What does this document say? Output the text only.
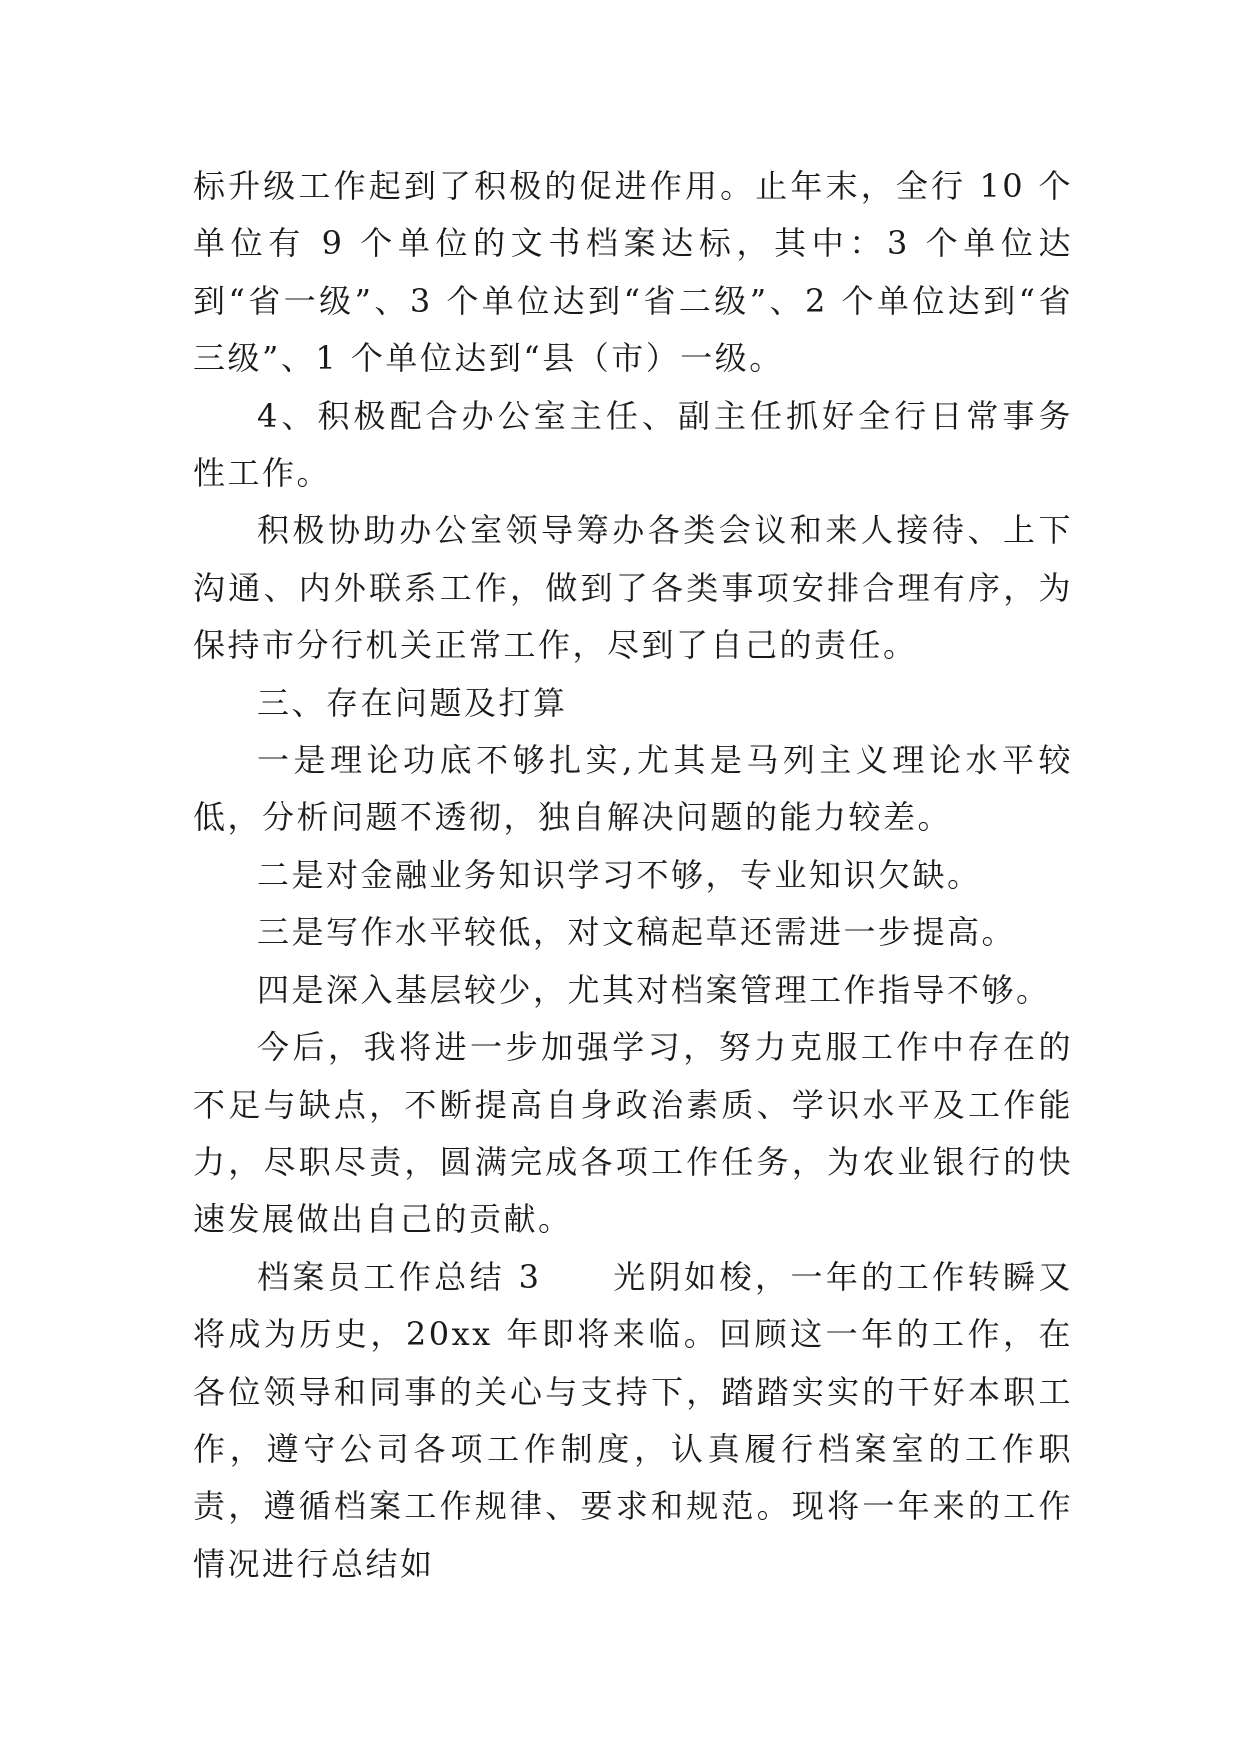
标升级工作起到了积极的促进作用。止年末，全行 10 个单位有 9 个单位的文书档案达标，其中：3 个单位达到“省一级”、3 个单位达到“省二级”、2 个单位达到“省三级”、1 个单位达到“县（市）一级。

4、积极配合办公室主任、副主任抓好全行日常事务性工作。

积极协助办公室领导筹办各类会议和来人接待、上下沟通、内外联系工作，做到了各类事项安排合理有序，为保持市分行机关正常工作，尽到了自己的责任。

三、存在问题及打算

一是理论功底不够扎实,尤其是马列主义理论水平较低，分析问题不透彻，独自解决问题的能力较差。

二是对金融业务知识学习不够，专业知识欠缺。

三是写作水平较低，对文稿起草还需进一步提高。

四是深入基层较少，尤其对档案管理工作指导不够。

今后，我将进一步加强学习，努力克服工作中存在的不足与缺点，不断提高自身政治素质、学识水平及工作能力，尽职尽责，圆满完成各项工作任务，为农业银行的快速发展做出自己的贡献。

档案员工作总结 3　　光阴如梭，一年的工作转瞬又将成为历史，20xx 年即将来临。回顾这一年的工作，在各位领导和同事的关心与支持下，踏踏实实的干好本职工作，遵守公司各项工作制度，认真履行档案室的工作职责，遵循档案工作规律、要求和规范。现将一年来的工作情况进行总结如
